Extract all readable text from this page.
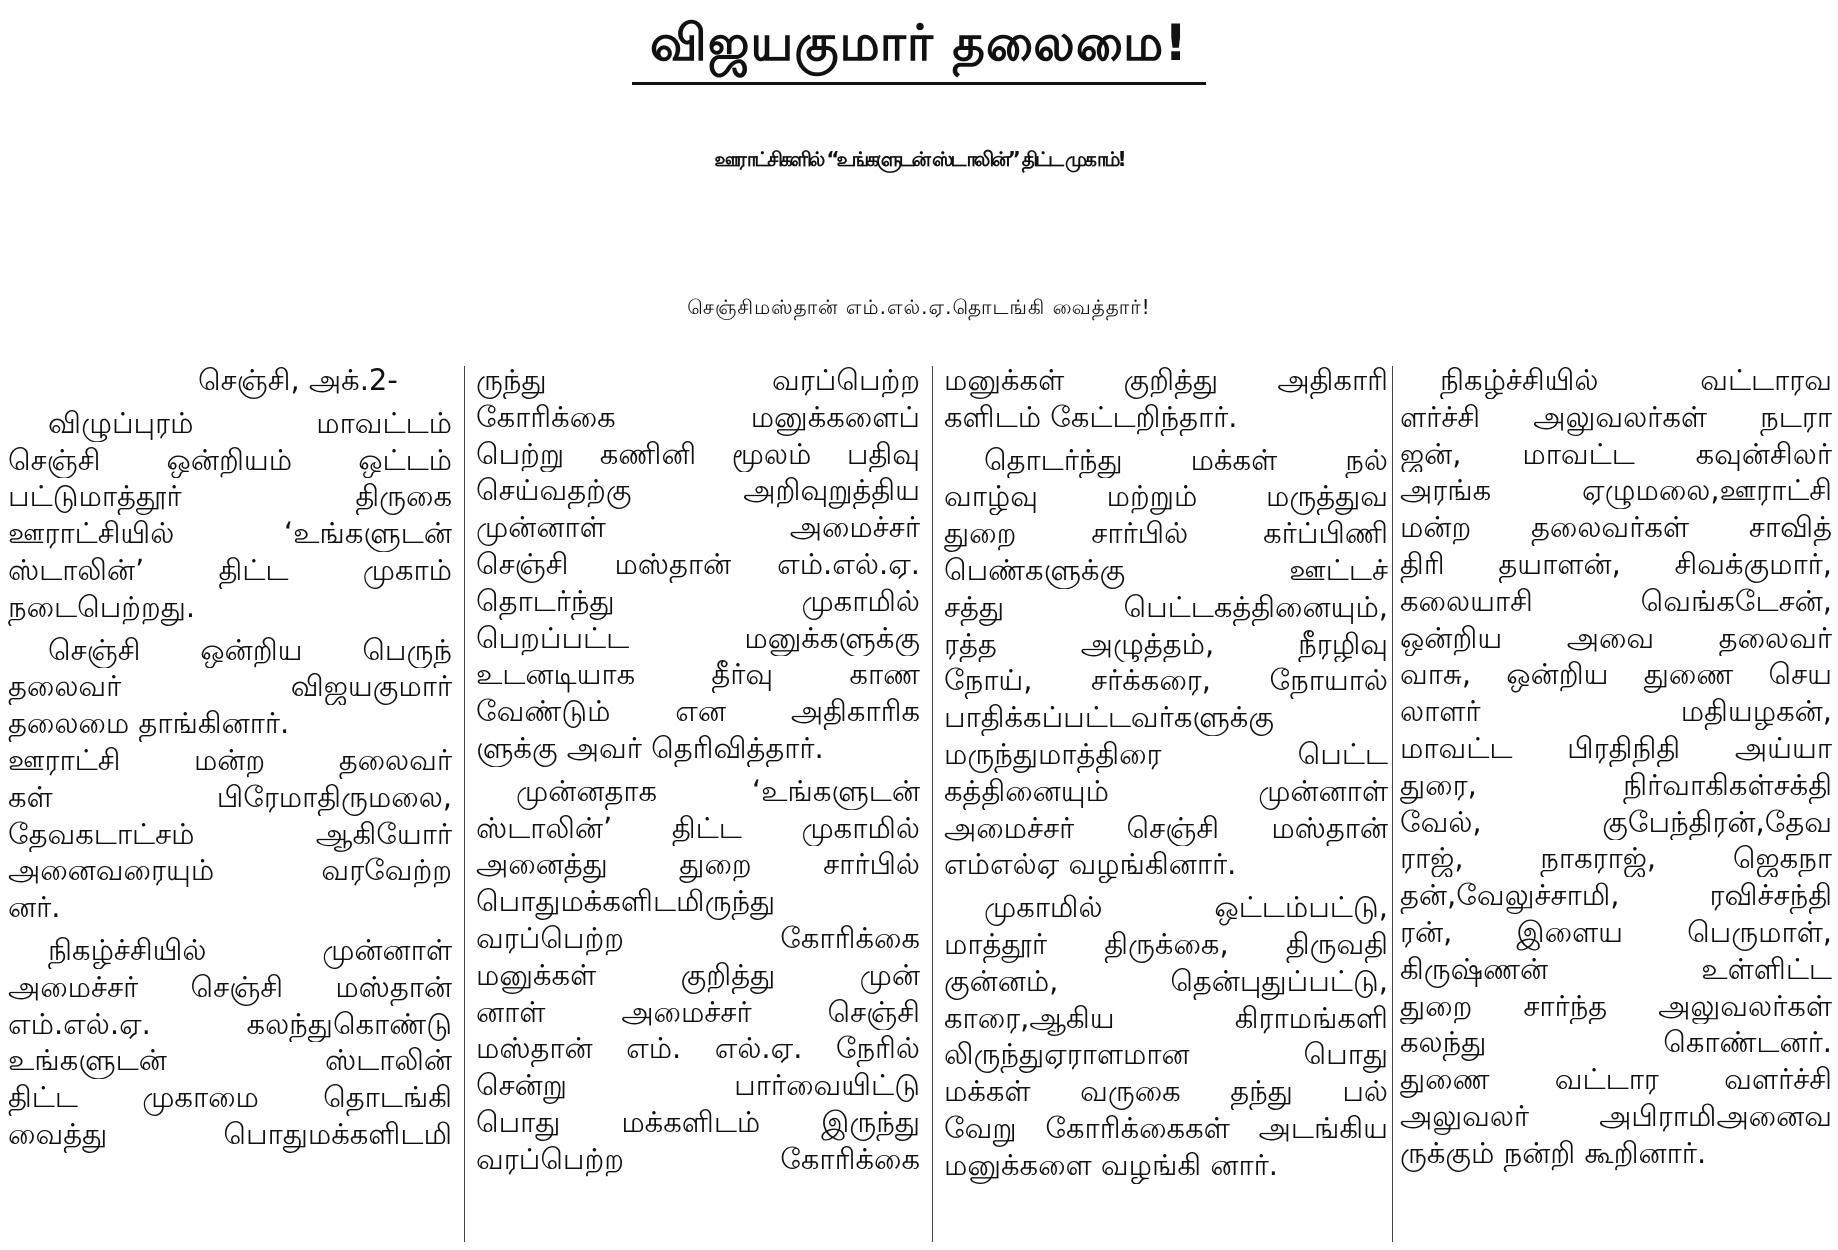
விஜயகுமார் தலைமை!
ஊராட்சிகளில் “உங்களுடன் ஸ்டாலின்” திட்ட முகாம்!
செஞ்சிமஸ்தான் எம்.எல்.ஏ.தொடங்கி வைத்தார்!
செஞ்சி, அக்.2-
விழுப்புரம் மாவட்டம்
செஞ்சி ஒன்றியம் ஒட்டம்
பட்டுமாத்தூர் திருகை
ஊராட்சியில் ‘உங்களுடன்
ஸ்டாலின்’ திட்ட முகாம்
நடைபெற்றது.
செஞ்சி ஒன்றிய பெருந்
தலைவர் விஜயகுமார்
தலைமை தாங்கினார்.
ஊராட்சி மன்ற தலைவர்
கள் பிரேமாதிருமலை,
தேவகடாட்சம் ஆகியோர்
அனைவரையும் வரவேற்ற
னர்.
நிகழ்ச்சியில் முன்னாள்
அமைச்சர் செஞ்சி மஸ்தான்
எம்.எல்.ஏ. கலந்துகொண்டு
உங்களுடன் ஸ்டாலின்
திட்ட முகாமை தொடங்கி
வைத்து பொதுமக்களிடமி
ருந்து வரப்பெற்ற
கோரிக்கை மனுக்களைப்
பெற்று கணினி மூலம் பதிவு
செய்வதற்கு அறிவுறுத்திய
முன்னாள் அமைச்சர்
செஞ்சி மஸ்தான் எம்.எல்.ஏ.
தொடர்ந்து முகாமில்
பெறப்பட்ட மனுக்களுக்கு
உடனடியாக தீர்வு காண
வேண்டும் என அதிகாரிக
ளுக்கு அவர் தெரிவித்தார்.
முன்னதாக ‘உங்களுடன்
ஸ்டாலின்’ திட்ட முகாமில்
அனைத்து துறை சார்பில்
பொதுமக்களிடமிருந்து
வரப்பெற்ற கோரிக்கை
மனுக்கள் குறித்து முன்
னாள் அமைச்சர் செஞ்சி
மஸ்தான் எம். எல்.ஏ. நேரில்
சென்று பார்வையிட்டு
பொது மக்களிடம் இருந்து
வரப்பெற்ற கோரிக்கை
மனுக்கள் குறித்து அதிகாரி
களிடம் கேட்டறிந்தார்.
தொடர்ந்து மக்கள் நல்
வாழ்வு மற்றும் மருத்துவ
துறை சார்பில் கர்ப்பிணி
பெண்களுக்கு ஊட்டச்
சத்து பெட்டகத்தினையும்,
ரத்த அழுத்தம், நீரழிவு
நோய், சர்க்கரை, நோயால்
பாதிக்கப்பட்டவர்களுக்கு
மருந்துமாத்திரை பெட்ட
கத்தினையும் முன்னாள்
அமைச்சர் செஞ்சி மஸ்தான்
எம்எல்ஏ வழங்கினார்.
முகாமில் ஒட்டம்பட்டு,
மாத்தூர் திருக்கை, திருவதி
குன்னம், தென்புதுப்பட்டு,
காரை,ஆகிய கிராமங்களி
லிருந்துஏராளமான பொது
மக்கள் வருகை தந்து பல்
வேறு கோரிக்கைகள் அடங்கிய
மனுக்களை வழங்கி னார்.
நிகழ்ச்சியில் வட்டாரவ
ளர்ச்சி அலுவலர்கள் நடரா
ஜன், மாவட்ட கவுன்சிலர்
அரங்க ஏழுமலை,ஊராட்சி
மன்ற தலைவர்கள் சாவித்
திரி தயாளன், சிவக்குமார்,
கலையாசி வெங்கடேசன்,
ஒன்றிய அவை தலைவர்
வாசு, ஒன்றிய துணை செய
லாளர் மதியழகன்,
மாவட்ட பிரதிநிதி அய்யா
துரை, நிர்வாகிகள்சக்தி
வேல், குபேந்திரன்,தேவ
ராஜ், நாகராஜ், ஜெகநா
தன்,வேலுச்சாமி, ரவிச்சந்தி
ரன், இளைய பெருமாள்,
கிருஷ்ணன் உள்ளிட்ட
துறை சார்ந்த அலுவலர்கள்
கலந்து கொண்டனர்.
துணை வட்டார வளர்ச்சி
அலுவலர் அபிராமிஅனைவ
ருக்கும் நன்றி கூறினார்.
